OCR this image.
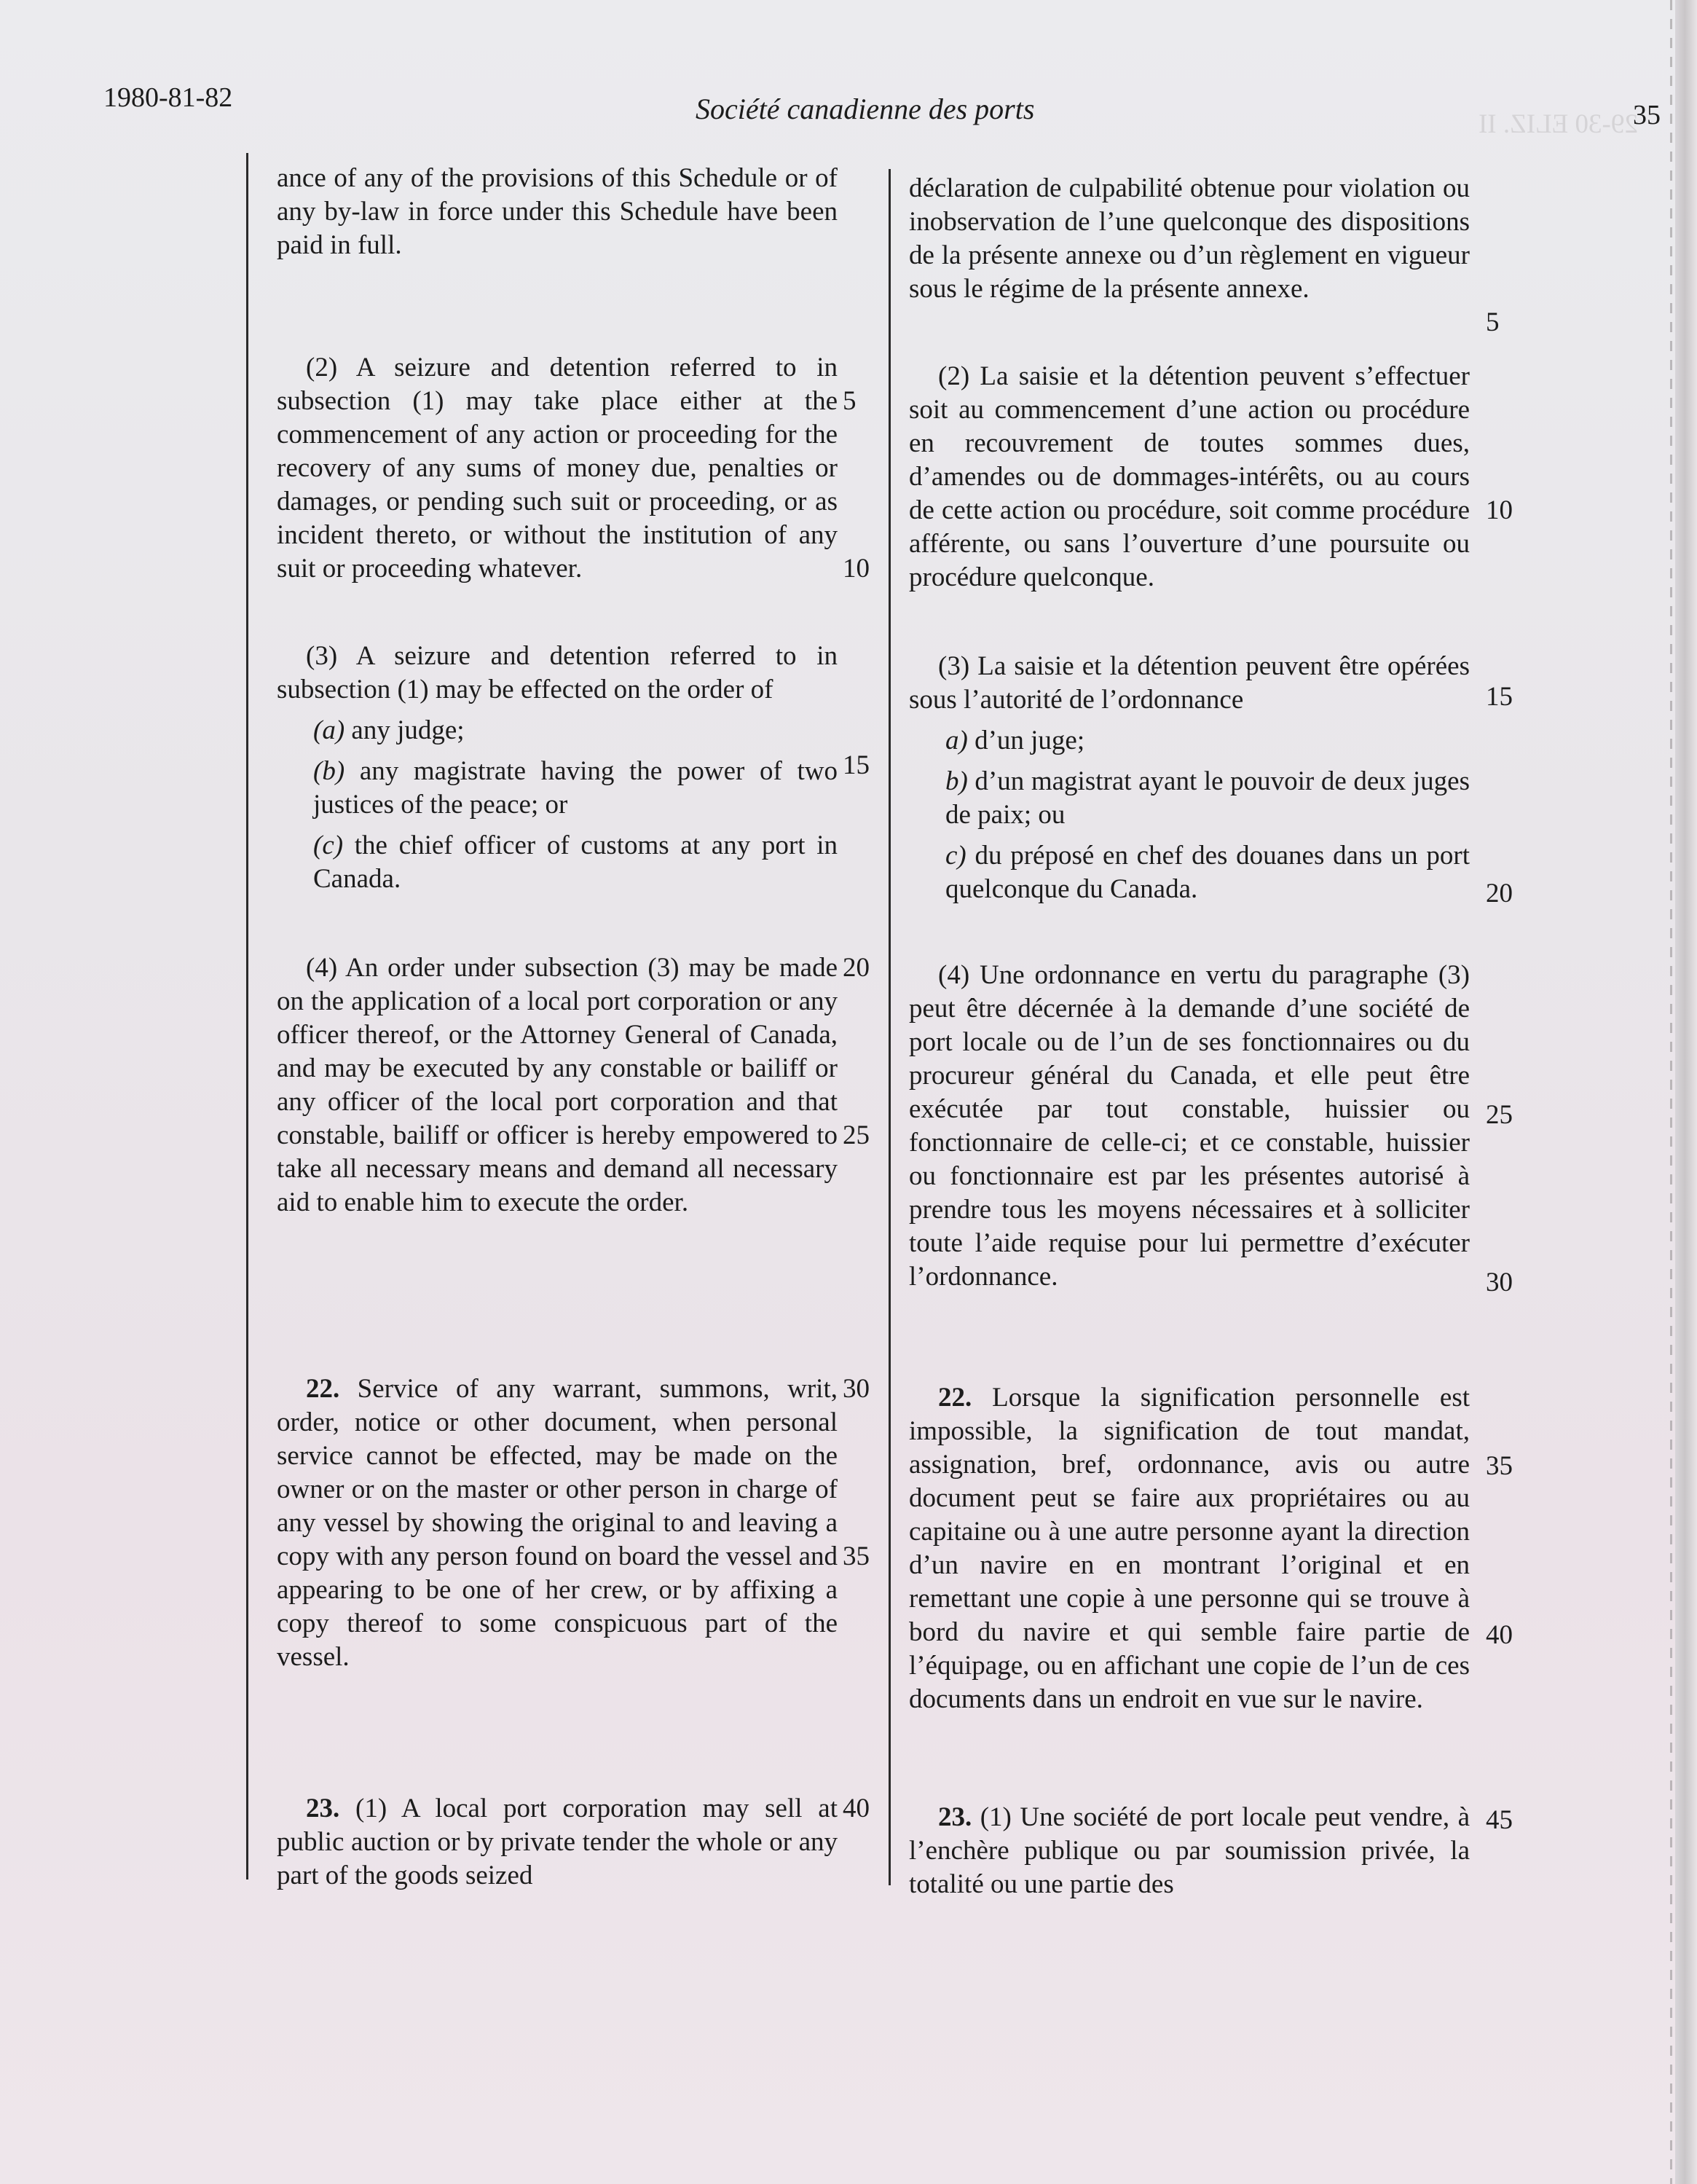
29-30 ELIZ. II
1980-81-82	Société canadienne des ports	35

ance of any of the provisions of this Schedule or of any by-law in force under this Schedule have been paid in full.

(2) A seizure and detention referred to in subsection (1) may take place either at the commencement of any action or proceeding for the recovery of any sums of money due, penalties or damages, or pending such suit or proceeding, or as incident thereto, or without the institution of any suit or proceeding whatever.

(3) A seizure and detention referred to in subsection (1) may be effected on the order of

(a) any judge;

(b) any magistrate having the power of two justices of the peace; or

(c) the chief officer of customs at any port in Canada.

(4) An order under subsection (3) may be made on the application of a local port corporation or any officer thereof, or the Attorney General of Canada, and may be executed by any constable or bailiff or any officer of the local port corporation and that constable, bailiff or officer is hereby empowered to take all necessary means and demand all necessary aid to enable him to execute the order.

22. Service of any warrant, summons, writ, order, notice or other document, when personal service cannot be effected, may be made on the owner or on the master or other person in charge of any vessel by showing the original to and leaving a copy with any person found on board the vessel and appearing to be one of her crew, or by affixing a copy thereof to some conspicuous part of the vessel.

23. (1) A local port corporation may sell at public auction or by private tender the whole or any part of the goods seized

5
10
15
20
25
30
35
40

déclaration de culpabilité obtenue pour violation ou inobservation de l’une quelconque des dispositions de la présente annexe ou d’un règlement en vigueur sous le régime de la présente annexe.

(2) La saisie et la détention peuvent s’effectuer soit au commencement d’une action ou procédure en recouvrement de toutes sommes dues, d’amendes ou de dommages-intérêts, ou au cours de cette action ou procédure, soit comme procédure afférente, ou sans l’ouverture d’une poursuite ou procédure quelconque.

(3) La saisie et la détention peuvent être opérées sous l’autorité de l’ordonnance

a) d’un juge;

b) d’un magistrat ayant le pouvoir de deux juges de paix; ou

c) du préposé en chef des douanes dans un port quelconque du Canada.

(4) Une ordonnance en vertu du paragraphe (3) peut être décernée à la demande d’une société de port locale ou de l’un de ses fonctionnaires ou du procureur général du Canada, et elle peut être exécutée par tout constable, huissier ou fonctionnaire de celle-ci; et ce constable, huissier ou fonctionnaire est par les présentes autorisé à prendre tous les moyens nécessaires et à solliciter toute l’aide requise pour lui permettre d’exécuter l’ordonnance.

22. Lorsque la signification personnelle est impossible, la signification de tout mandat, assignation, bref, ordonnance, avis ou autre document peut se faire aux propriétaires ou au capitaine ou à une autre personne ayant la direction d’un navire en en montrant l’original et en remettant une copie à une personne qui se trouve à bord du navire et qui semble faire partie de l’équipage, ou en affichant une copie de l’un de ces documents dans un endroit en vue sur le navire.

23. (1) Une société de port locale peut vendre, à l’enchère publique ou par soumission privée, la totalité ou une partie des

5
10
15
20
25
30
35
40
45
